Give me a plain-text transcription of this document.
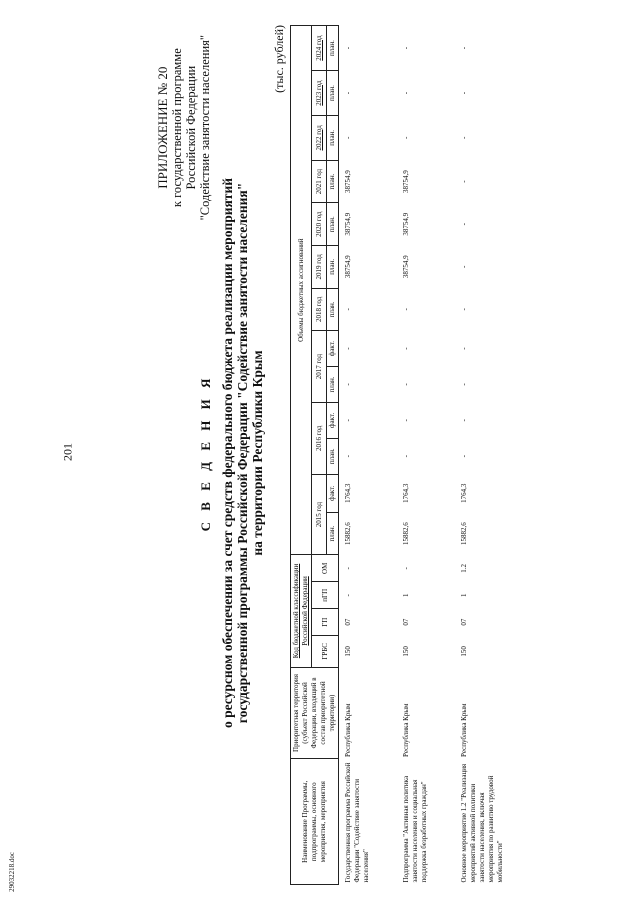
201
29032218.doc
ПРИЛОЖЕНИЕ № 20 к государственной программе Российской Федерации "Содействие занятости населения"
С В Е Д Е Н И Я о ресурсном обеспечении за счет средств федерального бюджета реализации мероприятий государственной программы Российской Федерации "Содействие занятости населения" на территории Республики Крым
(тыс. рублей)
Наименование Программы, подпрограммы, основного мероприятия, мероприятия	Приоритетная территория (субъект Российской Федерации, входящий в состав приоритетной территории)	Код бюджетной классификации Российской Федерации				Объемы бюджетных ассигнований												
		ГРБС	ГП	пГП	ОМ	2015 год		2016 год		2017 год		2018 год	2019 год	2020 год	2021 год	2022 год	2023 год	2024 год
						план.	факт.	план.	факт.	план.	факт.	план.	план.	план.	план.	план.	план.	план.
Государственная программа Российской Федерации "Содействие занятости населения"	Республика Крым	150	07	-	-	15882,6	1764,3	-	-	-	-	-	38754,9	38754,9	38754,9	-	-	-
Подпрограмма "Активная политика занятости населения и социальная поддержка безработных граждан"	Республика Крым	150	07	1	-	15882,6	1764,3	-	-	-	-	-	38754,9	38754,9	38754,9	-	-	-
Основное мероприятие 1.2 "Реализация мероприятий активной политики занятости населения, включая мероприятия по развитию трудовой мобильности"	Республика Крым	150	07	1	1.2	15882,6	1764,3	-	-	-	-	-	-	-	-	-	-	-
